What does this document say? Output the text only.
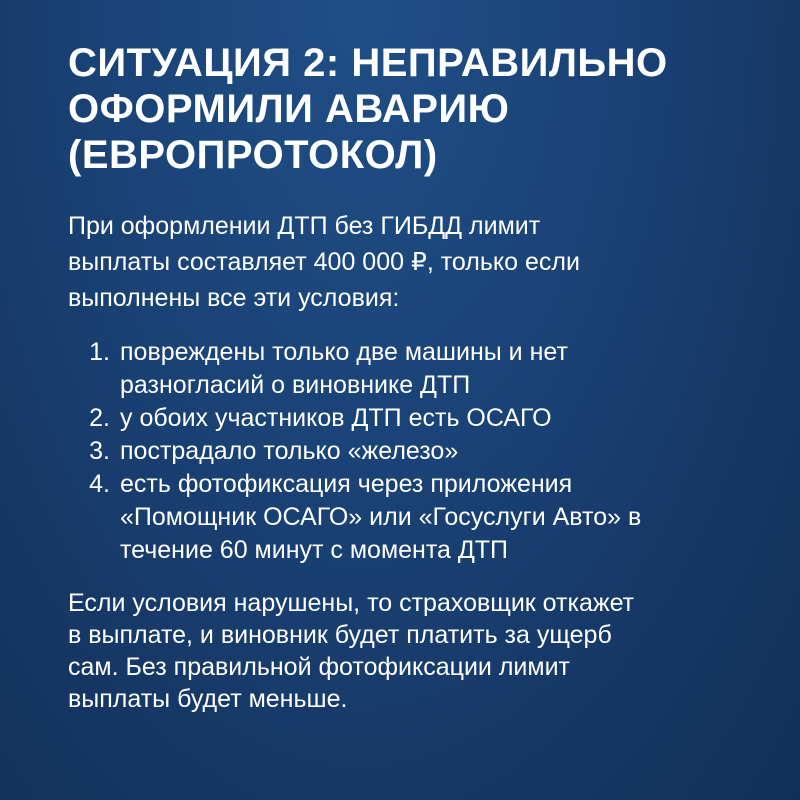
СИТУАЦИЯ 2: НЕПРАВИЛЬНО
ОФОРМИЛИ АВАРИЮ
(ЕВРОПРОТОКОЛ)

При оформлении ДТП без ГИБДД лимит
выплаты составляет 400 000 ₽, только если
выполнены все эти условия:

1 . повреждены только две машины и нет
разногласий о виновнике ДТП
2 . у обоих участников ДТП есть ОСАГО
3 . пострадало только «железо»
4 . есть фотофиксация через приложения
«Помощник ОСАГО» или «Госуслуги Авто» в
течение 60 минут с момента ДТП

Если условия нарушены, то страховщик откажет
в выплате, и виновник будет платить за ущерб
сам. Без правильной фотофиксации лимит
выплаты будет меньше.
